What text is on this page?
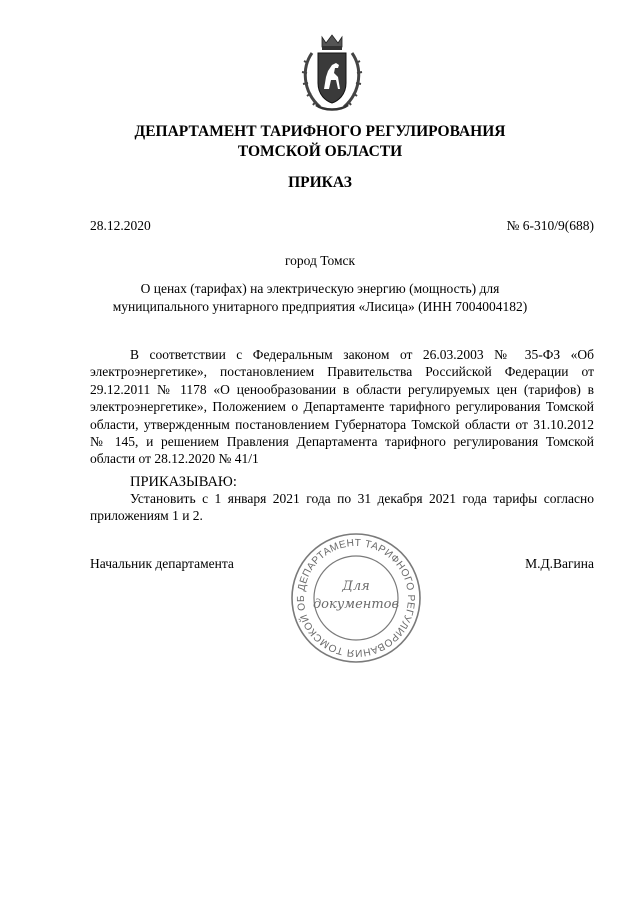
ДЕПАРТАМЕНТ ТАРИФНОГО РЕГУЛИРОВАНИЯ
ТОМСКОЙ ОБЛАСТИ
ПРИКАЗ
28.12.2020	№ 6-310/9(688)
город Томск
О ценах (тарифах) на электрическую энергию (мощность) для
муниципального унитарного предприятия «Лисица» (ИНН 7004004182)
В соответствии с Федеральным законом от 26.03.2003 № 35-ФЗ «Об электроэнергетике», постановлением Правительства Российской Федерации от 29.12.2011 № 1178 «О ценообразовании в области регулируемых цен (тарифов) в электроэнергетике», Положением о Департаменте тарифного регулирования Томской области, утвержденным постановлением Губернатора Томской области от 31.10.2012 № 145, и решением Правления Департамента тарифного регулирования Томской области от 28.12.2020 № 41/1
ПРИКАЗЫВАЮ:
Установить с 1 января 2021 года по 31 декабря 2021 года тарифы согласно приложениям 1 и 2.
ДЕПАРТАМЕНТ ТАРИФНОГО РЕГУЛИРОВАНИЯ ТОМСКОЙ ОБ
Для
документов
Начальник департамента	М.Д.Вагина
